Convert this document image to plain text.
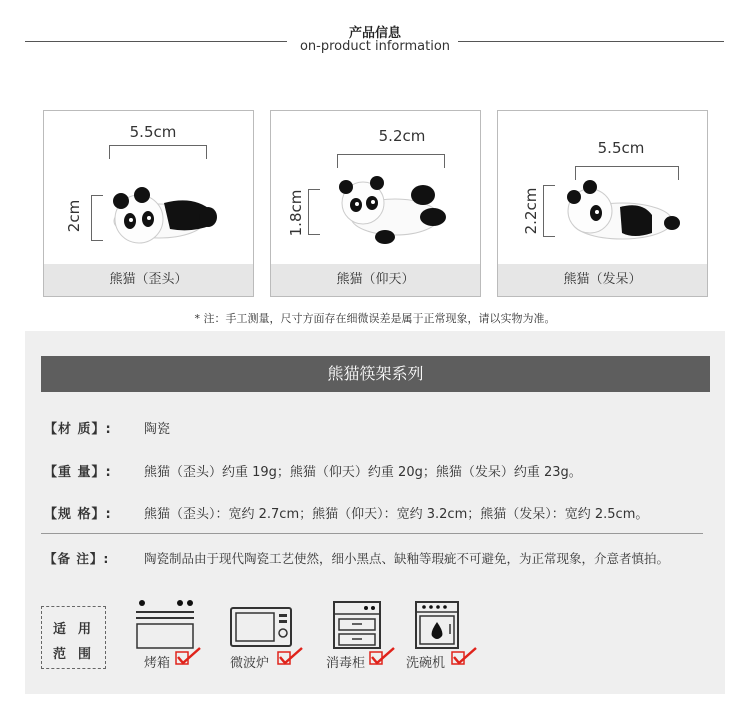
产品信息
on-product information
5.5cm
2cm
熊猫（歪头）
5.2cm
1.8cm
熊猫（仰天）
5.5cm
2.2cm
熊猫（发呆）
* 注：手工测量，尺寸方面存在细微误差是属于正常现象，请以实物为准。
熊猫筷架系列
【材 质】: 陶瓷
【重 量】: 熊猫（歪头）约重 19g；熊猫（仰天）约重 20g；熊猫（发呆）约重 23g。
【规 格】: 熊猫（歪头）：宽约 2.7cm；熊猫（仰天）：宽约 3.2cm；熊猫（发呆）：宽约 2.5cm。
【备 注】:	陶瓷制品由于现代陶瓷工艺使然，细小黑点、缺釉等瑕疵不可避免，为正常现象，介意者慎拍。
适 用
范 围
烤箱	微波炉	消毒柜	洗碗机
